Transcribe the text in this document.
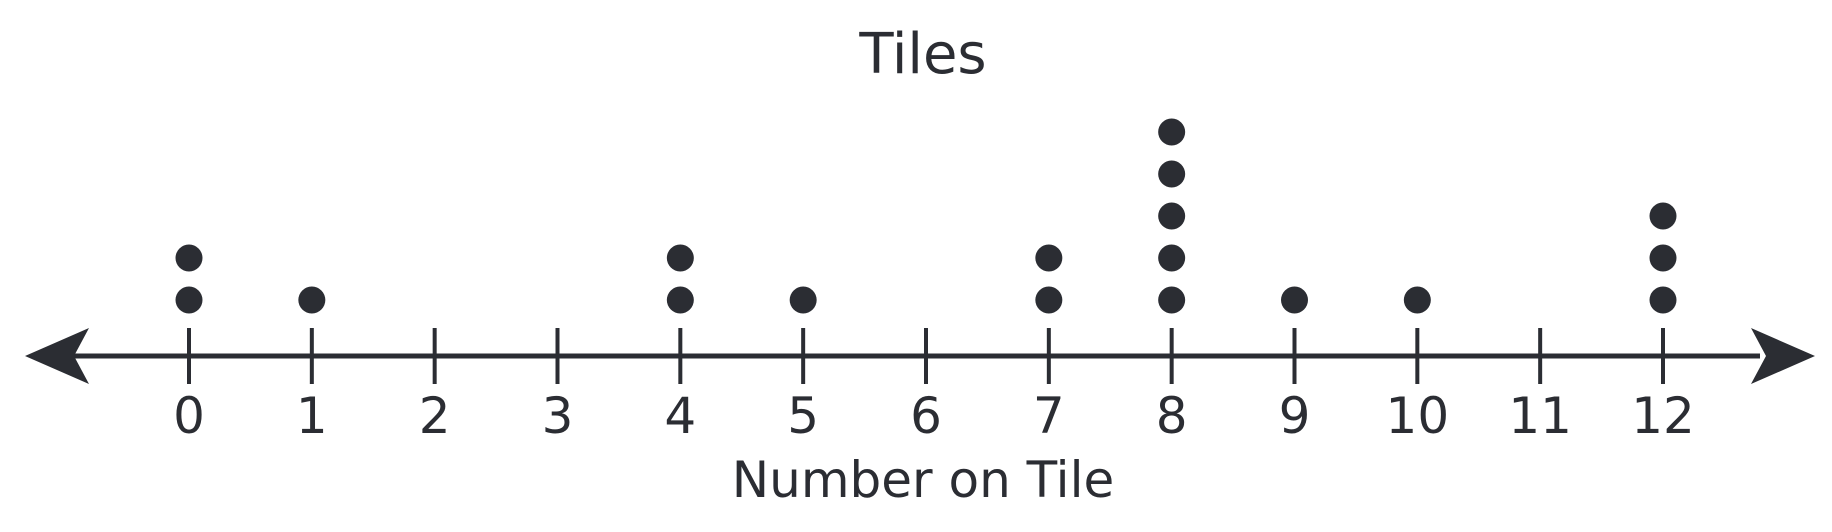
Tiles
0 1 2 3 4 5 6 7 8 9 10 11 12
Number on Tile
